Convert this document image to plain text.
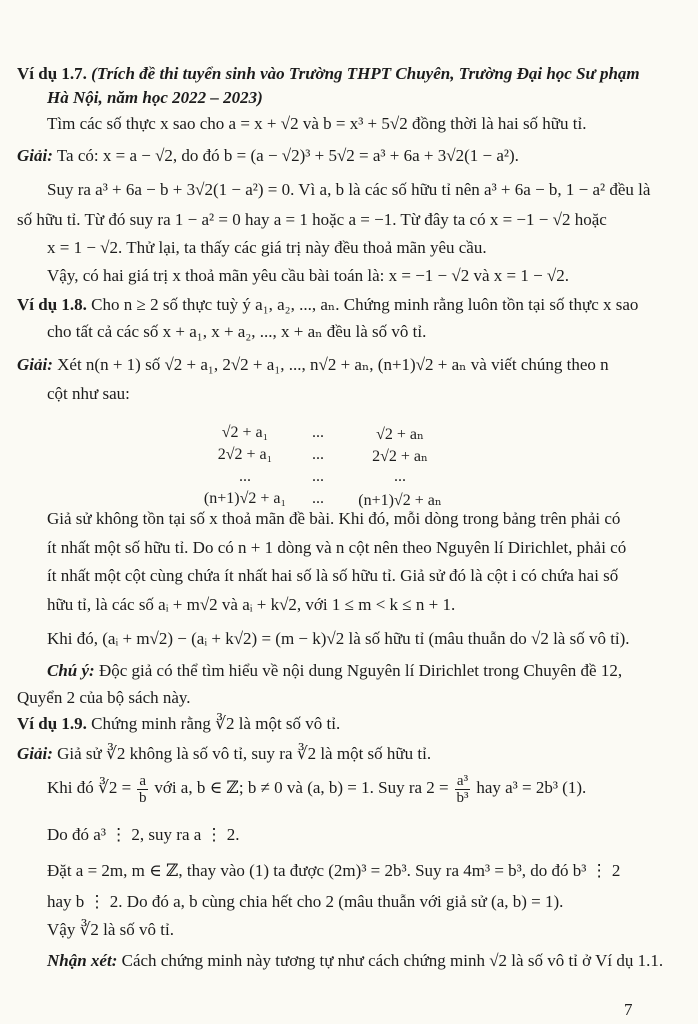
Ví dụ 1.7. (Trích đề thi tuyển sinh vào Trường THPT Chuyên, Trường Đại học Sư phạm
Hà Nội, năm học 2022 – 2023)
Tìm các số thực x sao cho a = x + √2 và b = x³ + 5√2 đồng thời là hai số hữu tỉ.
Giải: Ta có: x = a − √2, do đó b = (a − √2)³ + 5√2 = a³ + 6a + 3√2(1 − a²).
Suy ra a³ + 6a − b + 3√2(1 − a²) = 0. Vì a, b là các số hữu tỉ nên a³ + 6a − b, 1 − a² đều là
số hữu tỉ. Từ đó suy ra 1 − a² = 0 hay a = 1 hoặc a = −1. Từ đây ta có x = −1 − √2 hoặc
x = 1 − √2. Thử lại, ta thấy các giá trị này đều thoả mãn yêu cầu.
Vậy, có hai giá trị x thoả mãn yêu cầu bài toán là: x = −1 − √2 và x = 1 − √2.
Ví dụ 1.8. Cho n ≥ 2 số thực tuỳ ý a₁, a₂, ..., aₙ. Chứng minh rằng luôn tồn tại số thực x sao
cho tất cả các số x + a₁, x + a₂, ..., x + aₙ đều là số vô tỉ.
Giải: Xét n(n + 1) số √2 + a₁, 2√2 + a₁, ..., n√2 + aₙ, (n+1)√2 + aₙ và viết chúng theo n
cột như sau:
√2 + a₁	...	√2 + aₙ
2√2 + a₁	...	2√2 + aₙ
...	...	...
(n+1)√2 + a₁	...	(n+1)√2 + aₙ
Giả sử không tồn tại số x thoả mãn đề bài. Khi đó, mỗi dòng trong bảng trên phải có
ít nhất một số hữu tỉ. Do có n + 1 dòng và n cột nên theo Nguyên lí Dirichlet, phải có
ít nhất một cột cùng chứa ít nhất hai số là số hữu tỉ. Giả sử đó là cột i có chứa hai số
hữu tỉ, là các số aᵢ + m√2 và aᵢ + k√2, với 1 ≤ m < k ≤ n + 1.
Khi đó, (aᵢ + m√2) − (aᵢ + k√2) = (m − k)√2 là số hữu tỉ (mâu thuẫn do √2 là số vô tỉ).
Chú ý: Độc giả có thể tìm hiểu về nội dung Nguyên lí Dirichlet trong Chuyên đề 12,
Quyển 2 của bộ sách này.
Ví dụ 1.9. Chứng minh rằng ∛2 là một số vô tỉ.
Giải: Giả sử ∛2 không là số vô tỉ, suy ra ∛2 là một số hữu tỉ.
Khi đó ∛2 = $\frac{a}{b}$ với a, b ∈ ℤ; b ≠ 0 và (a, b) = 1. Suy ra $2 = \frac{\text{a³}}{\text{b³}}$ hay a³ = 2b³ (1).
Do đó a³ ⋮ 2, suy ra a ⋮ 2.
Đặt a = 2m, m ∈ ℤ, thay vào (1) ta được (2m)³ = 2b³. Suy ra 4m³ = b³, do đó b³ ⋮ 2
hay b ⋮ 2. Do đó a, b cùng chia hết cho 2 (mâu thuẫn với giả sử (a, b) = 1).
Vậy ∛2 là số vô tỉ.
Nhận xét: Cách chứng minh này tương tự như cách chứng minh √2 là số vô tỉ ở Ví dụ 1.1.
7
